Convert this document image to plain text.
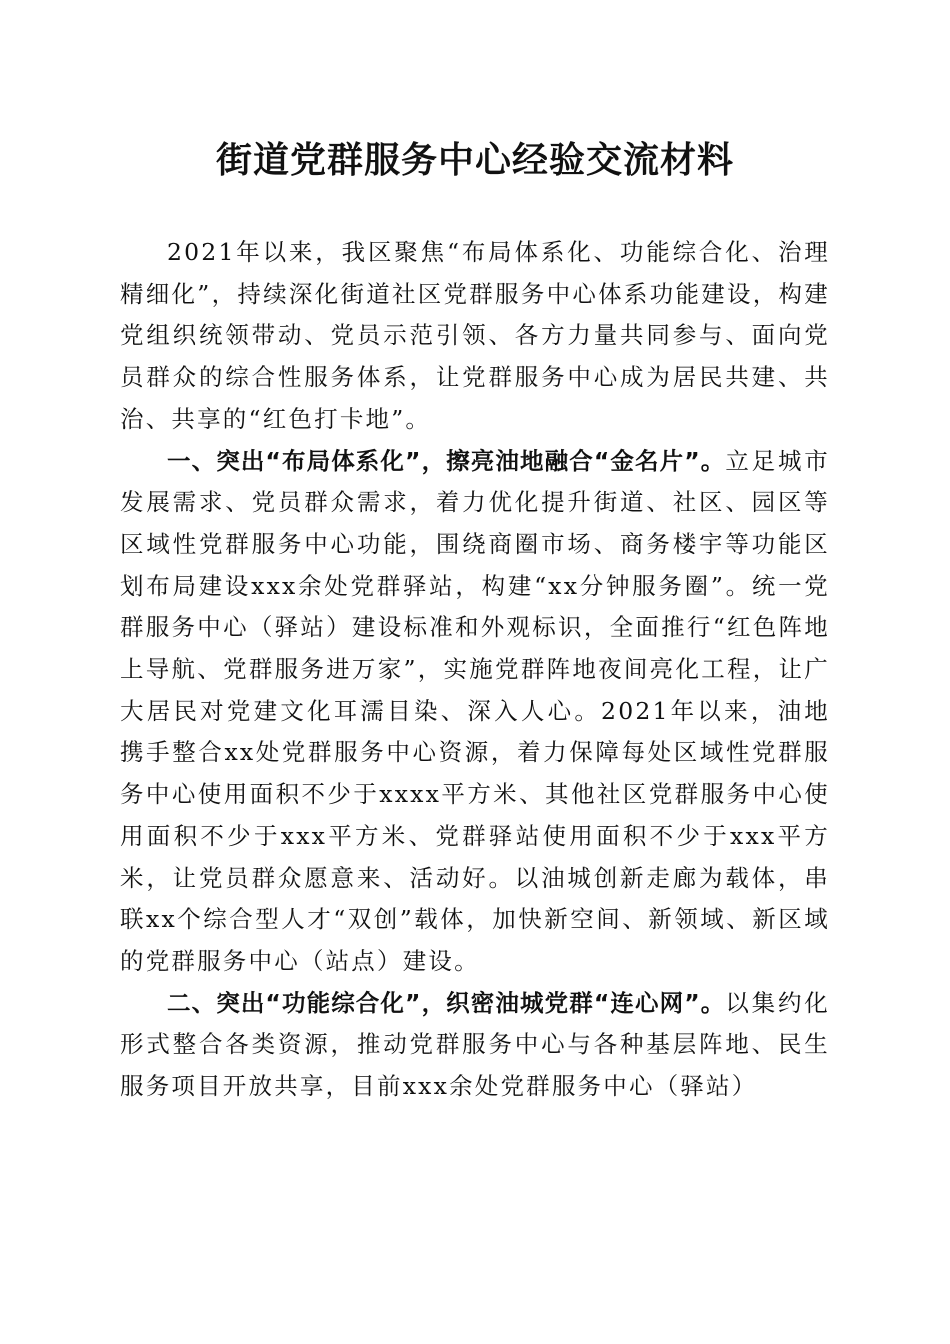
街道党群服务中心经验交流材料

2021年以来，我区聚焦“布局体系化、功能综合化、治理精细化”，持续深化街道社区党群服务中心体系功能建设，构建党组织统领带动、党员示范引领、各方力量共同参与、面向党员群众的综合性服务体系，让党群服务中心成为居民共建、共治、共享的“红色打卡地”。

一、突出“布局体系化”，擦亮油地融合“金名片”。立足城市发展需求、党员群众需求，着力优化提升街道、社区、园区等区域性党群服务中心功能，围绕商圈市场、商务楼宇等功能区划布局建设xxx余处党群驿站，构建“xx分钟服务圈”。统一党群服务中心（驿站）建设标准和外观标识，全面推行“红色阵地上导航、党群服务进万家”，实施党群阵地夜间亮化工程，让广大居民对党建文化耳濡目染、深入人心。2021年以来，油地携手整合xx处党群服务中心资源，着力保障每处区域性党群服务中心使用面积不少于xxxx平方米、其他社区党群服务中心使用面积不少于xxx平方米、党群驿站使用面积不少于xxx平方米，让党员群众愿意来、活动好。以油城创新走廊为载体，串联xx个综合型人才“双创”载体，加快新空间、新领域、新区域的党群服务中心（站点）建设。

二、突出“功能综合化”，织密油城党群“连心网”。以集约化形式整合各类资源，推动党群服务中心与各种基层阵地、民生服务项目开放共享，目前xxx余处党群服务中心（驿站）
